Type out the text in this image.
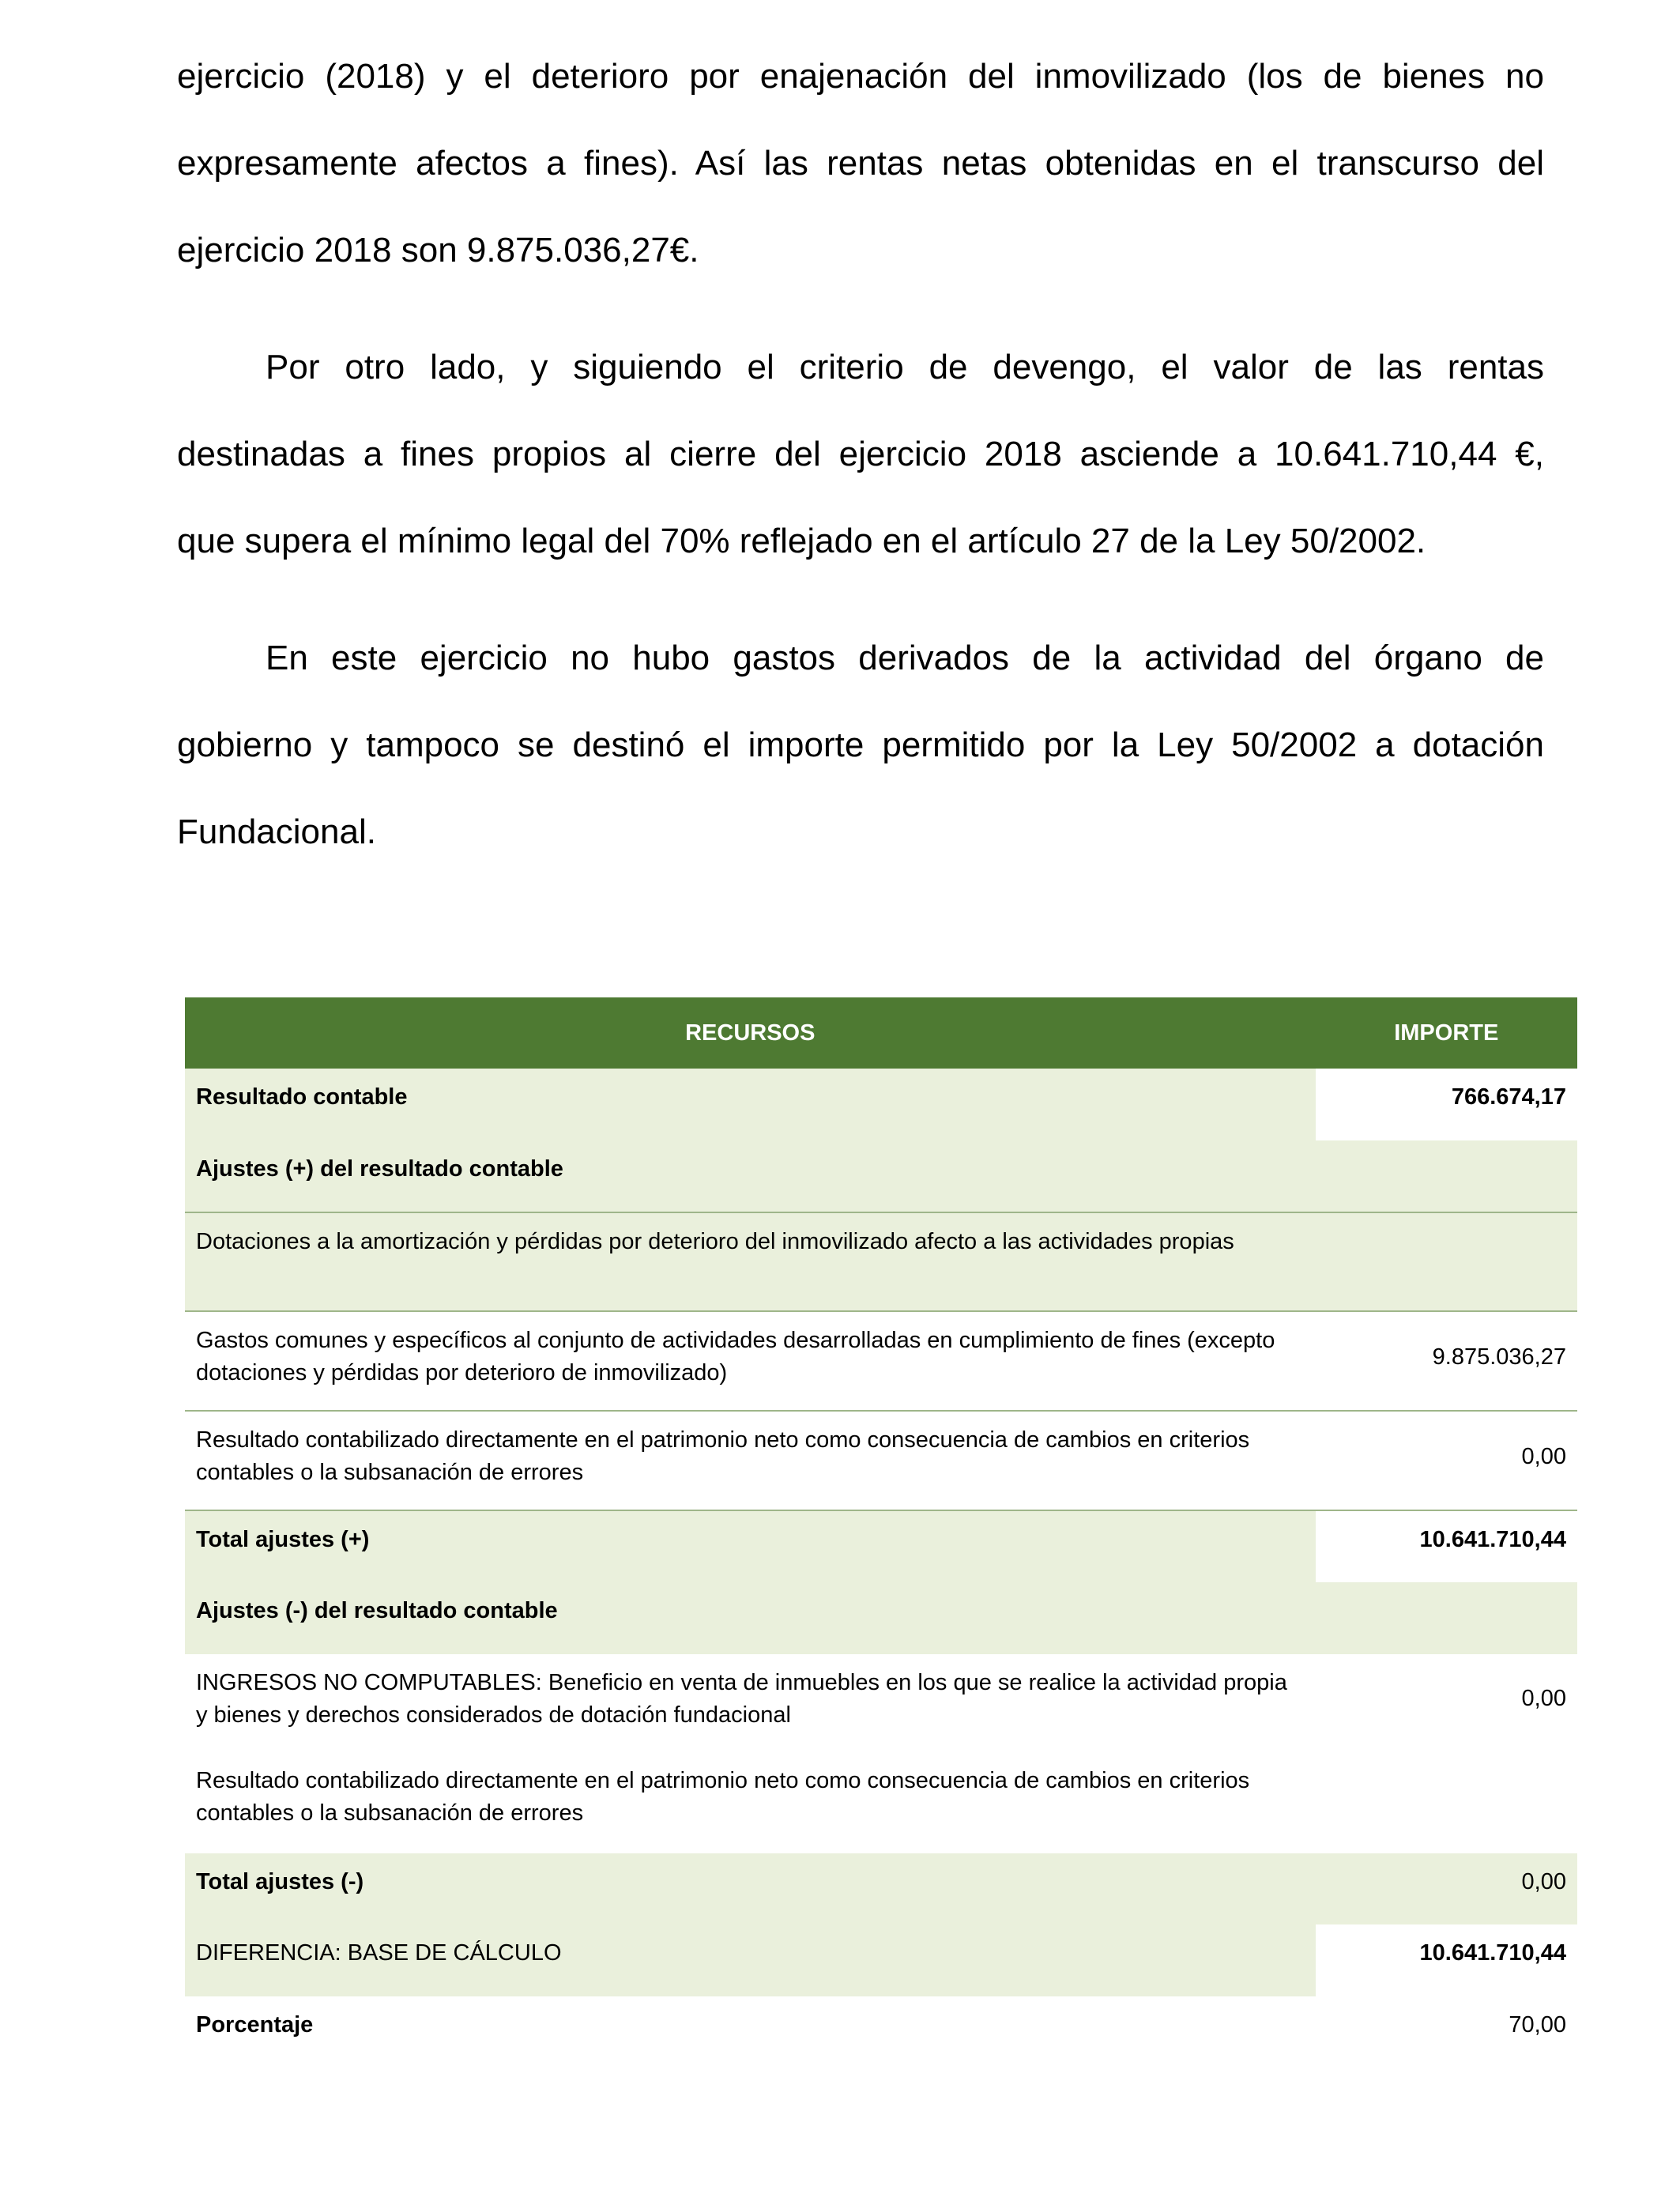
ejercicio (2018) y el deterioro por enajenación del inmovilizado (los de bienes no
expresamente afectos a fines). Así las rentas netas obtenidas en el transcurso del
ejercicio 2018 son 9.875.036,27€.
Por otro lado, y siguiendo el criterio de devengo, el valor de las rentas
destinadas a fines propios al cierre del ejercicio 2018 asciende a 10.641.710,44 €,
que supera el mínimo legal del 70% reflejado en el artículo 27 de la Ley 50/2002.
En este ejercicio no hubo gastos derivados de la actividad del órgano de
gobierno y tampoco se destinó el importe permitido por la Ley 50/2002 a dotación
Fundacional.
RECURSOS	IMPORTE
Resultado contable	766.674,17
Ajustes (+) del resultado contable	
Dotaciones a la amortización y pérdidas por deterioro del inmovilizado afecto a las actividades propias	
Gastos comunes y específicos al conjunto de actividades desarrolladas en cumplimiento de fines (excepto dotaciones y pérdidas por deterioro de inmovilizado)	9.875.036,27
Resultado contabilizado directamente en el patrimonio neto como consecuencia de cambios en criterios contables o la subsanación de errores	0,00
Total ajustes (+)	10.641.710,44
Ajustes (-) del resultado contable	
INGRESOS NO COMPUTABLES: Beneficio en venta de inmuebles en los que se realice la actividad propia y bienes y derechos considerados de dotación fundacional	0,00
Resultado contabilizado directamente en el patrimonio neto como consecuencia de cambios en criterios contables o la subsanación de errores	
Total ajustes (-)	0,00
DIFERENCIA: BASE DE CÁLCULO	10.641.710,44
Porcentaje	70,00
